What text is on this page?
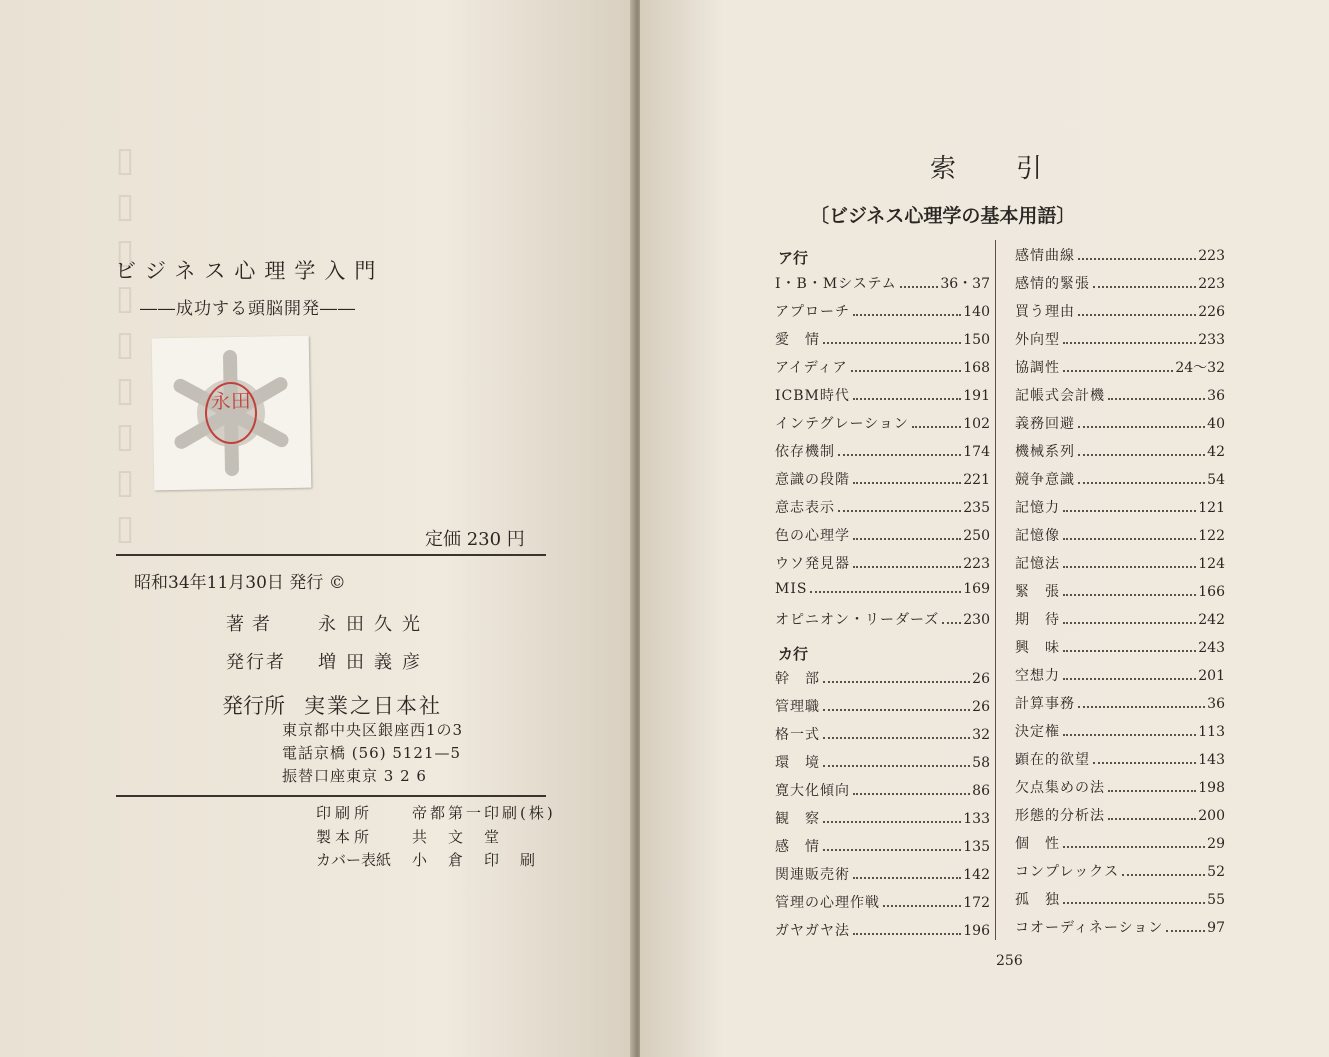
▯▯▯▯▯▯▯▯▯
ビジネス心理学入門
――成功する頭脳開発――
永田
定価 230 円
昭和34年11月30日 発行 ©
著者 永田久光
発行者 増田義彦
発行所 実業之日本社
東京都中央区銀座西1の3
電話京橋 (56) 5121—5
振替口座東京 3 2 6
印刷所	帝都第一印刷(株)
製本所	共　文　堂
カバー表紙 小　倉　印　刷
索引
〔ビジネス心理学の基本用語〕
ア行
I・B・Mシステム	36・37
アプローチ	140
愛　情	150
アイディア	168
ICBM時代	191
インテグレーション	102
依存機制	174
意識の段階	221
意志表示	235
色の心理学	250
ウソ発見器	223
MIS	169
オピニオン・リーダーズ 230
カ行
幹　部	26
管理職	26
格一式	32
環　境	58
寛大化傾向	86
観　察	133
感　情	135
関連販売術	142
管理の心理作戦	172
ガヤガヤ法	196
感情曲線	223
感情的緊張	223
買う理由	226
外向型	233
協調性	24～32
記帳式会計機	36
義務回避	40
機械系列	42
競争意識	54
記憶力	121
記憶像	122
記憶法	124
緊　張	166
期　待	242
興　味	243
空想力	201
計算事務	36
決定権	113
顕在的欲望	143
欠点集めの法	198
形態的分析法	200
個　性	29
コンプレックス	52
孤　独	55
コオーディネーション	97
256
